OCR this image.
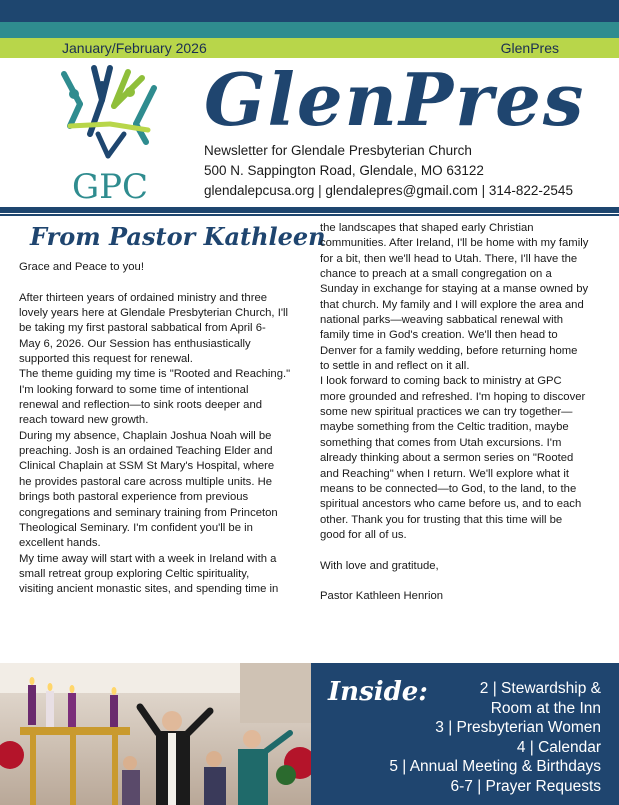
January/February 2026	GlenPres
GPC
GlenPres
Newsletter for Glendale Presbyterian Church
500 N. Sappington Road, Glendale, MO 63122
glendalepcusa.org | glendalepres@gmail.com | 314-822-2545
From Pastor Kathleen

Grace and Peace to you!

After thirteen years of ordained ministry and three

lovely years here at Glendale Presbyterian Church, I'll

be taking my first pastoral sabbatical from April 6-

May 6, 2026. Our Session has enthusiastically

supported this request for renewal.

The theme guiding my time is "Rooted and Reaching."

I'm looking forward to some time of intentional

renewal and reflection—to sink roots deeper and

reach toward new growth.

During my absence, Chaplain Joshua Noah will be

preaching. Josh is an ordained Teaching Elder and

Clinical Chaplain at SSM St Mary's Hospital, where

he provides pastoral care across multiple units. He

brings both pastoral experience from previous

congregations and seminary training from Princeton

Theological Seminary. I'm confident you'll be in

excellent hands.

My time away will start with a week in Ireland with a

small retreat group exploring Celtic spirituality,

visiting ancient monastic sites, and spending time in

the landscapes that shaped early Christian

communities. After Ireland, I'll be home with my family

for a bit, then we'll head to Utah. There, I'll have the

chance to preach at a small congregation on a

Sunday in exchange for staying at a manse owned by

that church. My family and I will explore the area and

national parks—weaving sabbatical renewal with

family time in God's creation. We'll then head to

Denver for a family wedding, before returning home

to settle in and reflect on it all.

I look forward to coming back to ministry at GPC

more grounded and refreshed. I'm hoping to discover

some new spiritual practices we can try together—

maybe something from the Celtic tradition, maybe

something that comes from Utah excursions. I'm

already thinking about a sermon series on "Rooted

and Reaching" when I return. We'll explore what it

means to be connected—to God, to the land, to the

spiritual ancestors who came before us, and to each

other. Thank you for trusting that this time will be

good for all of us.

With love and gratitude,

Pastor Kathleen Henrion

Inside:	2 | Stewardship &
Room at the Inn
3 | Presbyterian Women
4 | Calendar
5 | Annual Meeting & Birthdays
6-7 | Prayer Requests
